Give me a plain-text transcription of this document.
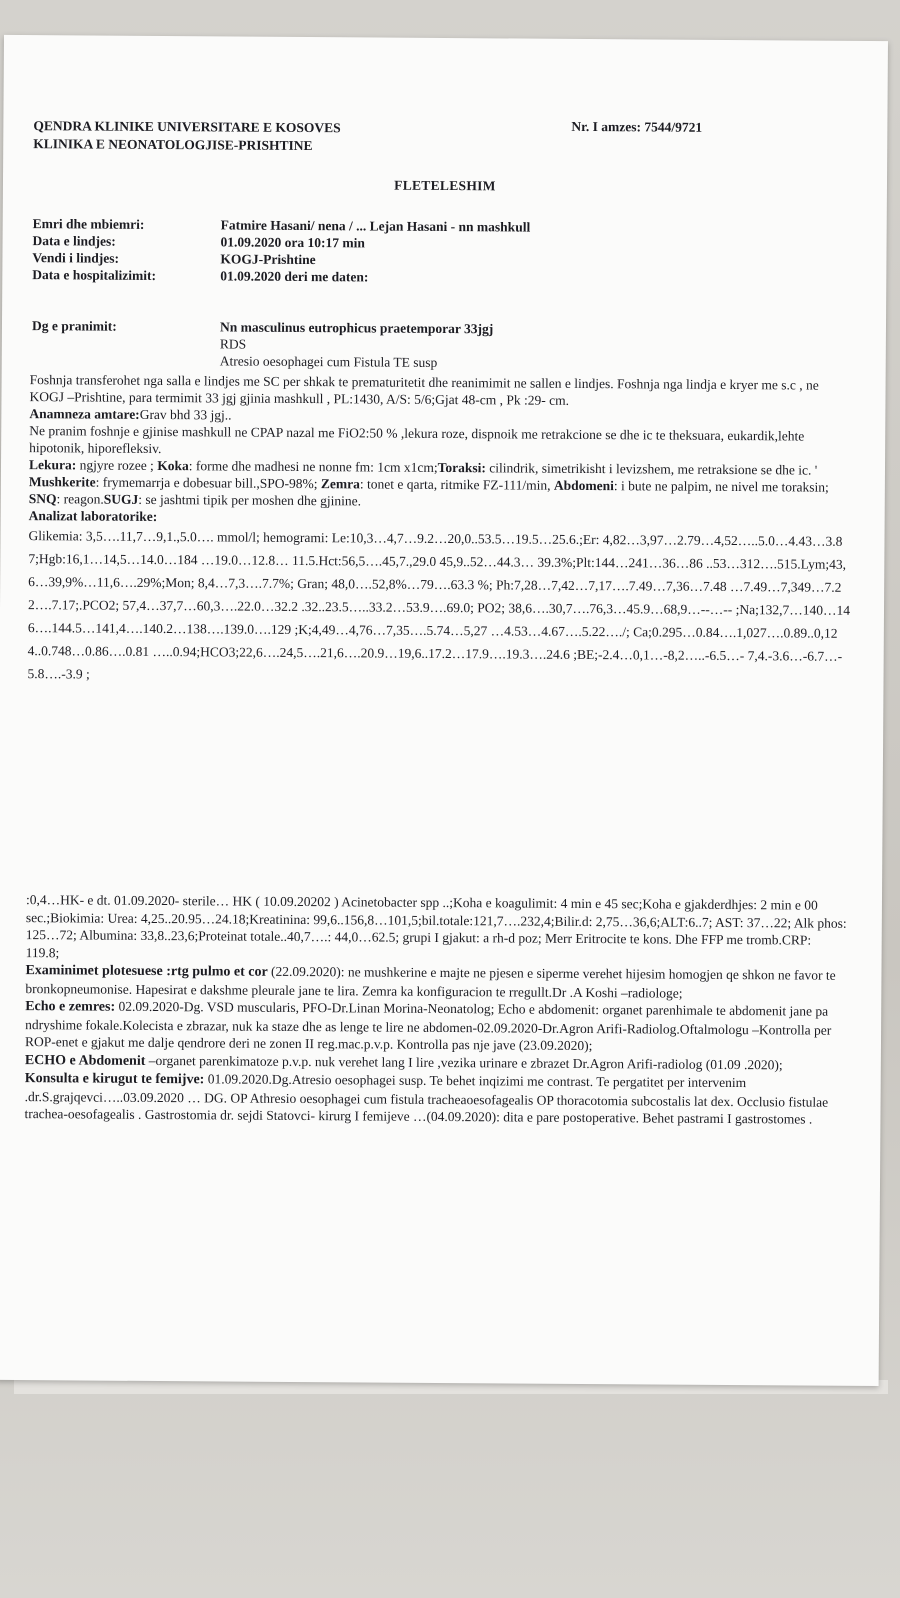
QENDRA KLINIKE UNIVERSITARE E KOSOVES
KLINIKA E NEONATOLOGJISE-PRISHTINE
Nr. I amzes: 7544/9721
FLETELESHIM
Emri dhe mbiemri:	Fatmire Hasani/ nena / ... Lejan Hasani - nn mashkull
Data e lindjes:	01.09.2020 ora 10:17 min
Vendi i lindjes:	KOGJ-Prishtine
Data e hospitalizimit:	01.09.2020 deri me daten:
Dg e pranimit:	Nn masculinus eutrophicus praetemporar 33jgj
RDS
Atresio oesophagei cum Fistula TE susp

Foshnja transferohet nga salla e lindjes me SC per shkak te prematuritetit dhe reanimimit ne sallen e lindjes. Foshnja nga lindja e kryer me s.c , ne KOGJ –Prishtine, para termimit 33 jgj gjinia mashkull , PL:1430, A/S: 5/6;Gjat 48-cm , Pk :29- cm.

Anamneza amtare:Grav bhd 33 jgj..

Ne pranim foshnje e gjinise mashkull ne CPAP nazal me FiO2:50 % ,lekura roze, dispnoik me retrakcione se dhe ic te theksuara, eukardik,lehte hipotonik, hiporefleksiv.

Lekura: ngjyre rozee ; Koka: forme dhe madhesi ne nonne fm: 1cm x1cm;Toraksi: cilindrik, simetrikisht i levizshem, me retraksione se dhe ic. ' Mushkerite: frymemarrja e dobesuar bill.,SPO-98%; Zemra: tonet e qarta, ritmike FZ-111/min, Abdomeni: i bute ne palpim, ne nivel me toraksin; SNQ: reagon.SUGJ: se jashtmi tipik per moshen dhe gjinine.

Analizat laboratorike:

Glikemia: 3,5….11,7…9,1.,5.0…. mmol/l; hemogrami: Le:10,3…4,7…9.2…20,0..53.5…19.5…25.6.;Er: 4,82…3,97…2.79…4,52…..5.0…4.43…3.87;Hgb:16,1…14,5…14.0…184 …19.0…12.8… 11.5.Hct:56,5….45,7.,29.0 45,9..52…44.3… 39.3%;Plt:144…241…36…86 ..53…312….515.Lym;43,6…39,9%…11,6….29%;Mon; 8,4…7,3….7.7%; Gran; 48,0….52,8%…79….63.3 %; Ph:7,28…7,42…7,17….7.49…7,36…7.48 …7.49…7,349…7.22….7.17;.PCO2; 57,4…37,7…60,3….22.0…32.2 .32..23.5…..33.2…53.9….69.0; PO2; 38,6….30,7….76,3…45.9…68,9…--…-- ;Na;132,7…140…146….144.5…141,4….140.2…138….139.0….129 ;K;4,49…4,76…7,35….5.74…5,27 …4.53…4.67….5.22…./; Ca;0.295…0.84….1,027….0.89..0,124..0.748…0.86….0.81 …..0.94;HCO3;22,6….24,5….21,6….20.9…19,6..17.2…17.9….19.3….24.6 ;BE;-2.4…0,1…-8,2…..-6.5…- 7,4.-3.6…-6.7…-5.8….-3.9 ;

:0,4…HK- e dt. 01.09.2020- sterile… HK ( 10.09.20202 ) Acinetobacter spp ..;Koha e koagulimit: 4 min e 45 sec;Koha e gjakderdhjes: 2 min e 00 sec.;Biokimia: Urea: 4,25..20.95…24.18;Kreatinina: 99,6..156,8…101,5;bil.totale:121,7….232,4;Bilir.d: 2,75…36,6;ALT:6..7; AST: 37…22; Alk phos: 125…72; Albumina: 33,8..23,6;Proteinat totale..40,7….: 44,0…62.5; grupi I gjakut: a rh-d poz; Merr Eritrocite te kons. Dhe FFP me tromb.CRP: 119.8;

Examinimet plotesuese :rtg pulmo et cor (22.09.2020): ne mushkerine e majte ne pjesen e siperme verehet hijesim homogjen qe shkon ne favor te bronkopneumonise. Hapesirat e dakshme pleurale jane te lira. Zemra ka konfiguracion te rregullt.Dr .A Koshi –radiologe;

Echo e zemres: 02.09.2020-Dg. VSD muscularis, PFO-Dr.Linan Morina-Neonatolog; Echo e abdomenit: organet parenhimale te abdomenit jane pa ndryshime fokale.Kolecista e zbrazar, nuk ka staze dhe as lenge te lire ne abdomen-02.09.2020-Dr.Agron Arifi-Radiolog.Oftalmologu –Kontrolla per ROP-enet e gjakut me dalje qendrore deri ne zonen II reg.mac.p.v.p. Kontrolla pas nje jave (23.09.2020);

ECHO e Abdomenit –organet parenkimatoze p.v.p. nuk verehet lang I lire ,vezika urinare e zbrazet Dr.Agron Arifi-radiolog (01.09 .2020);

Konsulta e kirugut te femijve: 01.09.2020.Dg.Atresio oesophagei susp. Te behet inqizimi me contrast. Te pergatitet per intervenim .dr.S.grajqevci…..03.09.2020 … DG. OP Athresio oesophagei cum fistula tracheaoesofagealis OP thoracotomia subcostalis lat dex. Occlusio fistulae trachea-oesofagealis . Gastrostomia dr. sejdi Statovci- kirurg I femijeve …(04.09.2020): dita e pare postoperative. Behet pastrami I gastrostomes .
